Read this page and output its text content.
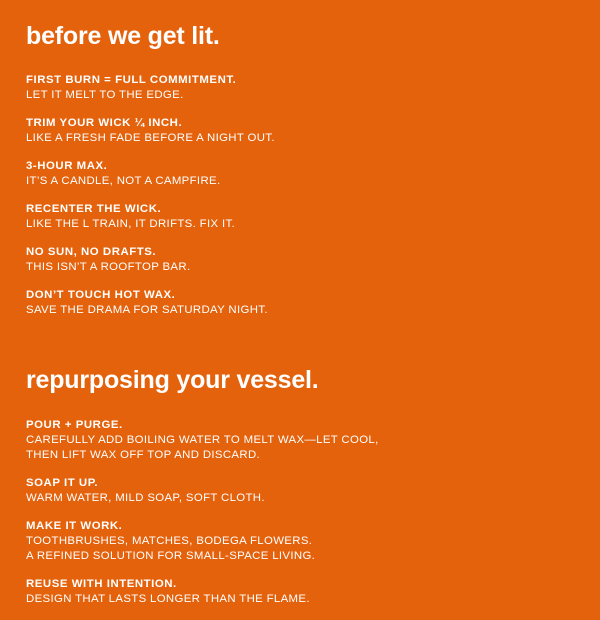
before we get lit.
FIRST BURN = FULL COMMITMENT.
LET IT MELT TO THE EDGE.
TRIM YOUR WICK ¼ INCH.
LIKE A FRESH FADE BEFORE A NIGHT OUT.
3-HOUR MAX.
IT’S A CANDLE, NOT A CAMPFIRE.
RECENTER THE WICK.
LIKE THE L TRAIN, IT DRIFTS. FIX IT.
NO SUN, NO DRAFTS.
THIS ISN’T A ROOFTOP BAR.
DON’T TOUCH HOT WAX.
SAVE THE DRAMA FOR SATURDAY NIGHT.
repurposing your vessel.
POUR + PURGE.
CAREFULLY ADD BOILING WATER TO MELT WAX—LET COOL,
THEN LIFT WAX OFF TOP AND DISCARD.
SOAP IT UP.
WARM WATER, MILD SOAP, SOFT CLOTH.
MAKE IT WORK.
TOOTHBRUSHES, MATCHES, BODEGA FLOWERS.
A REFINED SOLUTION FOR SMALL-SPACE LIVING.
REUSE WITH INTENTION.
DESIGN THAT LASTS LONGER THAN THE FLAME.
